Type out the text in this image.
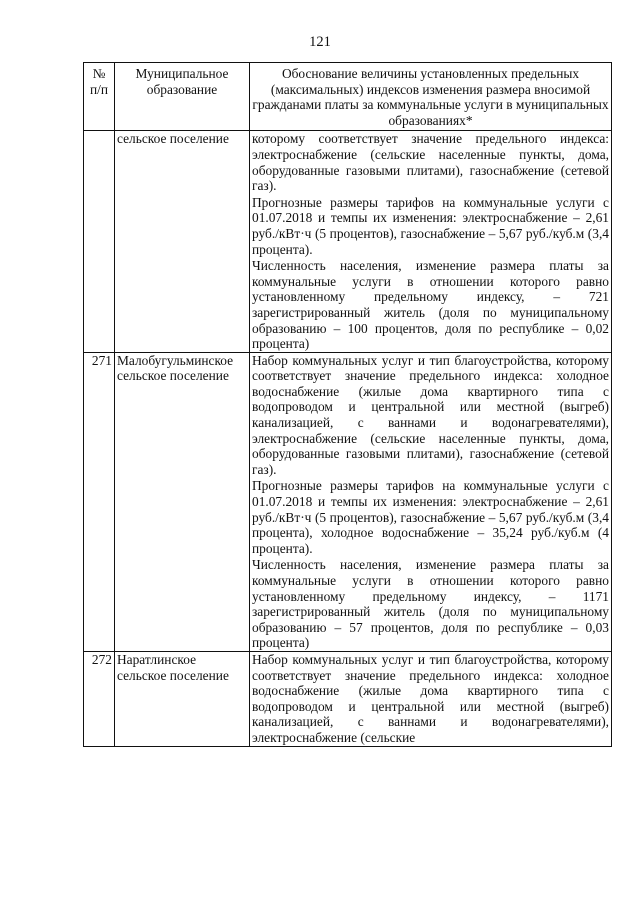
121
№ п/п	Муниципальное образование	Обоснование величины установленных предельных (максимальных) индексов изменения размера вносимой гражданами платы за коммунальные услуги в муниципальных образованиях*
	сельское поселение	которому соответствует значение предельного индекса: электроснабжение (сельские населенные пункты, дома, оборудованные газовыми плитами), газоснабжение (сетевой газ).

Прогнозные размеры тарифов на коммунальные услуги с 01.07.2018 и темпы их изменения: электроснабжение – 2,61 руб./кВт·ч (5 процентов), газоснабжение – 5,67 руб./куб.м (3,4 процента).

Численность населения, изменение размера платы за коммунальные услуги в отношении которого равно установленному предельному индексу, – 721 зарегистрированный житель (доля по муниципальному образованию – 100 процентов, доля по республике – 0,02 процента)

271	Малобугульминское сельское поселение	Набор коммунальных услуг и тип благоустройства, которому соответствует значение предельного индекса: холодное водоснабжение (жилые дома квартирного типа с водопроводом и центральной или местной (выгреб) канализацией, с ваннами и водонагревателями), электроснабжение (сельские населенные пункты, дома, оборудованные газовыми плитами), газоснабжение (сетевой газ).

Прогнозные размеры тарифов на коммунальные услуги с 01.07.2018 и темпы их изменения: электроснабжение – 2,61 руб./кВт·ч (5 процентов), газоснабжение – 5,67 руб./куб.м (3,4 процента), холодное водоснабжение – 35,24 руб./куб.м (4 процента).

Численность населения, изменение размера платы за коммунальные услуги в отношении которого равно установленному предельному индексу, – 1171 зарегистрированный житель (доля по муниципальному образованию – 57 процентов, доля по республике – 0,03 процента)

272	Наратлинское сельское поселение	Набор коммунальных услуг и тип благоустройства, которому соответствует значение предельного индекса: холодное водоснабжение (жилые дома квартирного типа с водопроводом и центральной или местной (выгреб) канализацией, с ваннами и водонагревателями), электроснабжение (сельские
